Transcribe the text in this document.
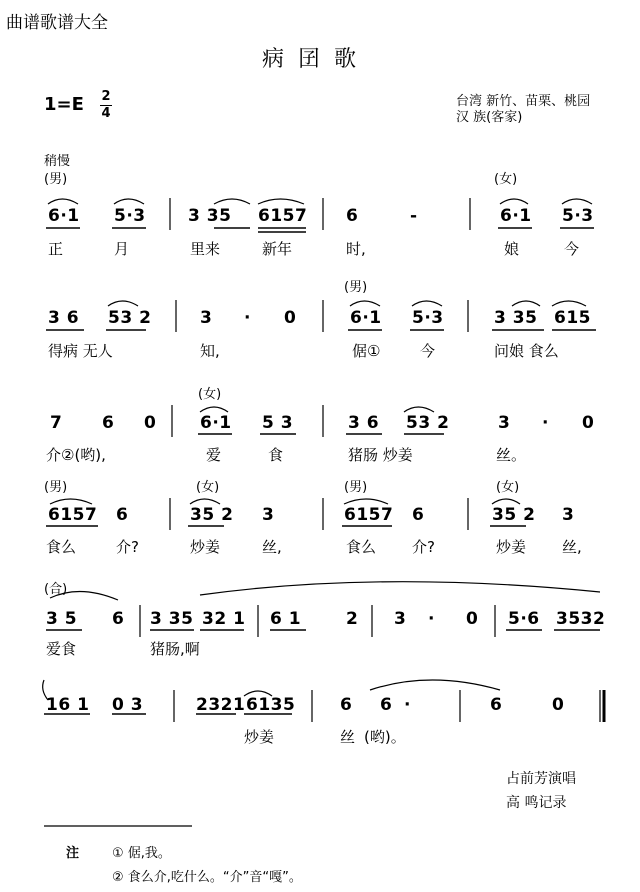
曲谱歌谱大全
病囝歌
1=E 2
4
台湾 新竹、苗栗、桃园
汉 族(客家)
稍慢
(男)	(女)
6·1 5·3 3 35 6157 6	-	6·1 5·3
正	月	里来	新年	时,	娘	今
(男)
3 6 53 2	3 · 0	6·1 5·3	3 35 615
得病 无人	知,	倨①	今	问娘 食么
(女)
7 6 0	6·1 5 3	3 6 53 2	3 · 0
介②(哟),	爱	食	猪肠 炒姜	丝。
(男)	(女)	(男)	(女)
6157 6	35 2 3	6157 6	35 2 3
食么	介?	炒姜	丝,	食么 介?	炒姜 丝,
(合)
3 5 6 3 35 32 1 6 1	2 3 · 0 5·6 3532
爱食	猪肠,啊
16 1 0 3	2321 6135	6 6 ·	6	0
炒姜	丝 (哟)。
占前芳演唱
高 鸣记录
注	① 倨,我。
② 食么介,吃什么。“介”音“嘎”。
